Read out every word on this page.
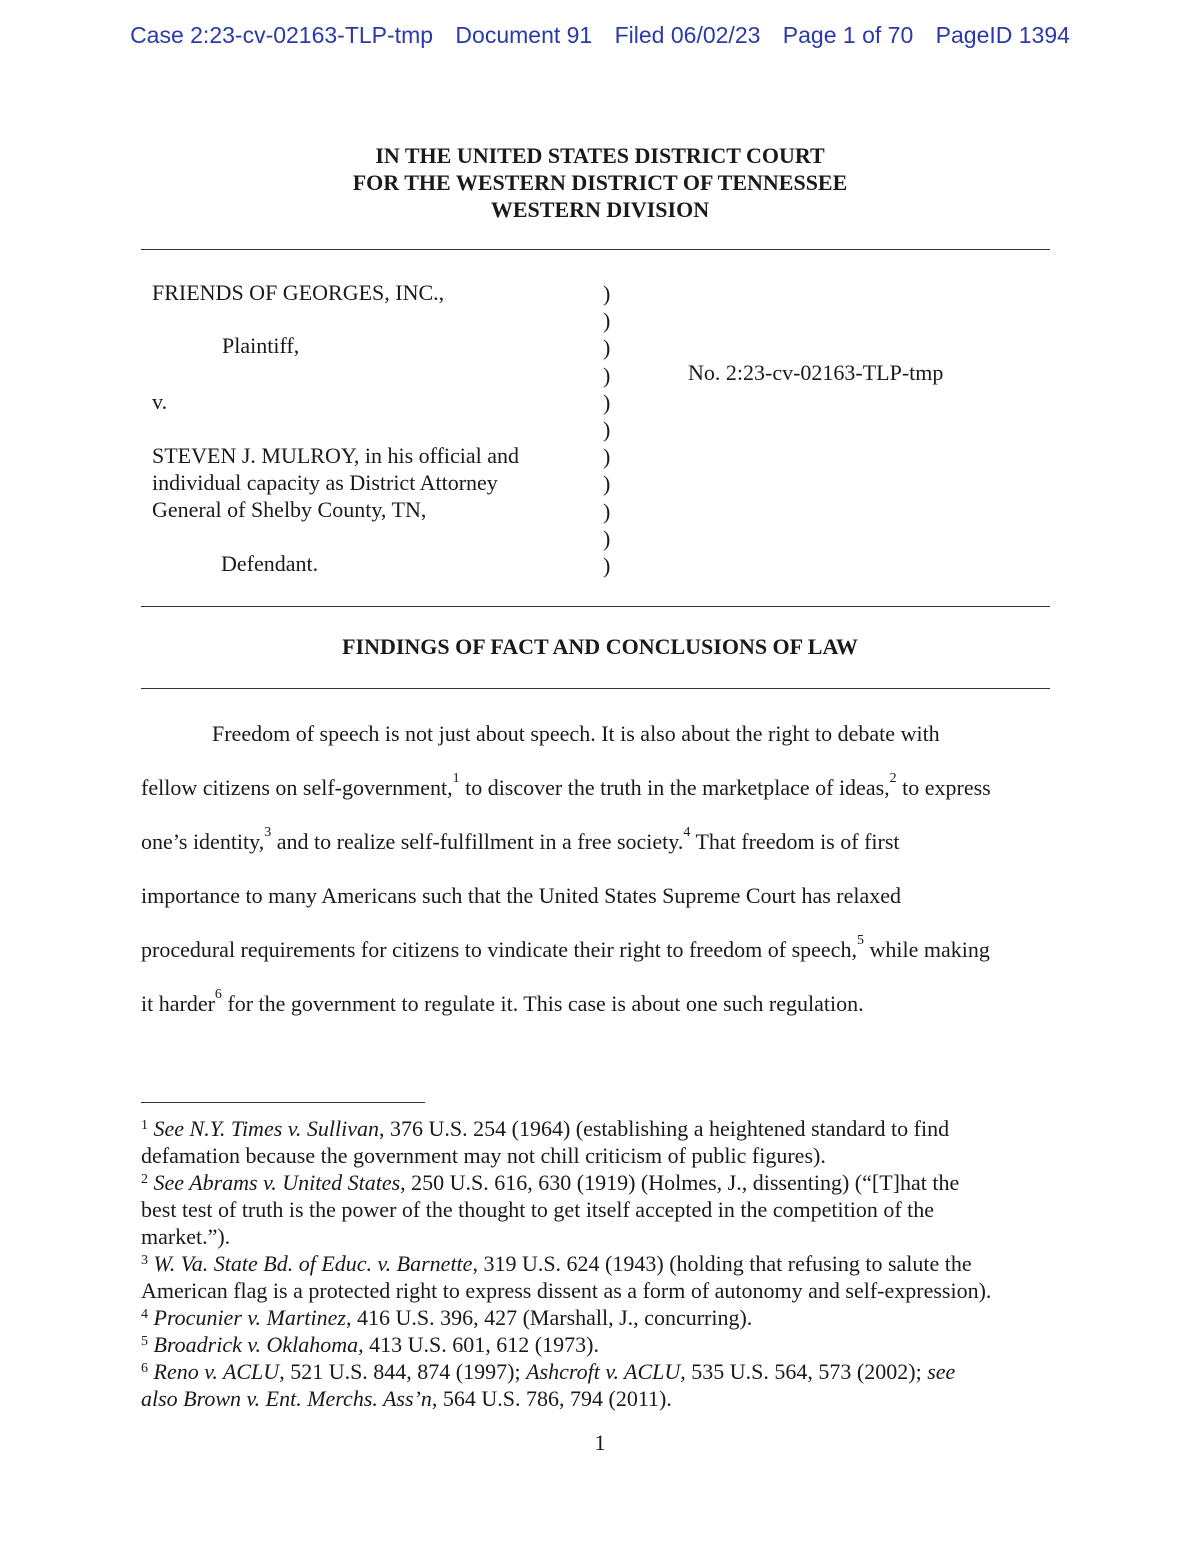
Case 2:23-cv-02163-TLP-tmp Document 91 Filed 06/02/23 Page 1 of 70 PageID 1394
IN THE UNITED STATES DISTRICT COURT
FOR THE WESTERN DISTRICT OF TENNESSEE
WESTERN DIVISION
FRIENDS OF GEORGES, INC.,
Plaintiff,
v.
STEVEN J. MULROY, in his official and
individual capacity as District Attorney
General of Shelby County, TN,
Defendant.
No. 2:23-cv-02163-TLP-tmp
)
)
)
)
)
)
)
)
)
)
)
FINDINGS OF FACT AND CONCLUSIONS OF LAW
Freedom of speech is not just about speech. It is also about the right to debate with
fellow citizens on self-government,$^1$ to discover the truth in the marketplace of ideas,$^2$ to express
one’s identity,$^3$ and to realize self-fulfillment in a free society.$^4$ That freedom is of first
importance to many Americans such that the United States Supreme Court has relaxed
procedural requirements for citizens to vindicate their right to freedom of speech,$^5$ while making
it harder$^6$ for the government to regulate it. This case is about one such regulation.
$^1$ See N.Y. Times v. Sullivan, 376 U.S. 254 (1964) (establishing a heightened standard to find
defamation because the government may not chill criticism of public figures).
$^2$ See Abrams v. United States, 250 U.S. 616, 630 (1919) (Holmes, J., dissenting) (“[T]hat the
best test of truth is the power of the thought to get itself accepted in the competition of the
market.”).
$^3$ W. Va. State Bd. of Educ. v. Barnette, 319 U.S. 624 (1943) (holding that refusing to salute the
American flag is a protected right to express dissent as a form of autonomy and self-expression).
$^4$ Procunier v. Martinez, 416 U.S. 396, 427 (Marshall, J., concurring).
$^5$ Broadrick v. Oklahoma, 413 U.S. 601, 612 (1973).
$^6$ Reno v. ACLU, 521 U.S. 844, 874 (1997); Ashcroft v. ACLU, 535 U.S. 564, 573 (2002); see
also Brown v. Ent. Merchs. Ass’n, 564 U.S. 786, 794 (2011).
1
